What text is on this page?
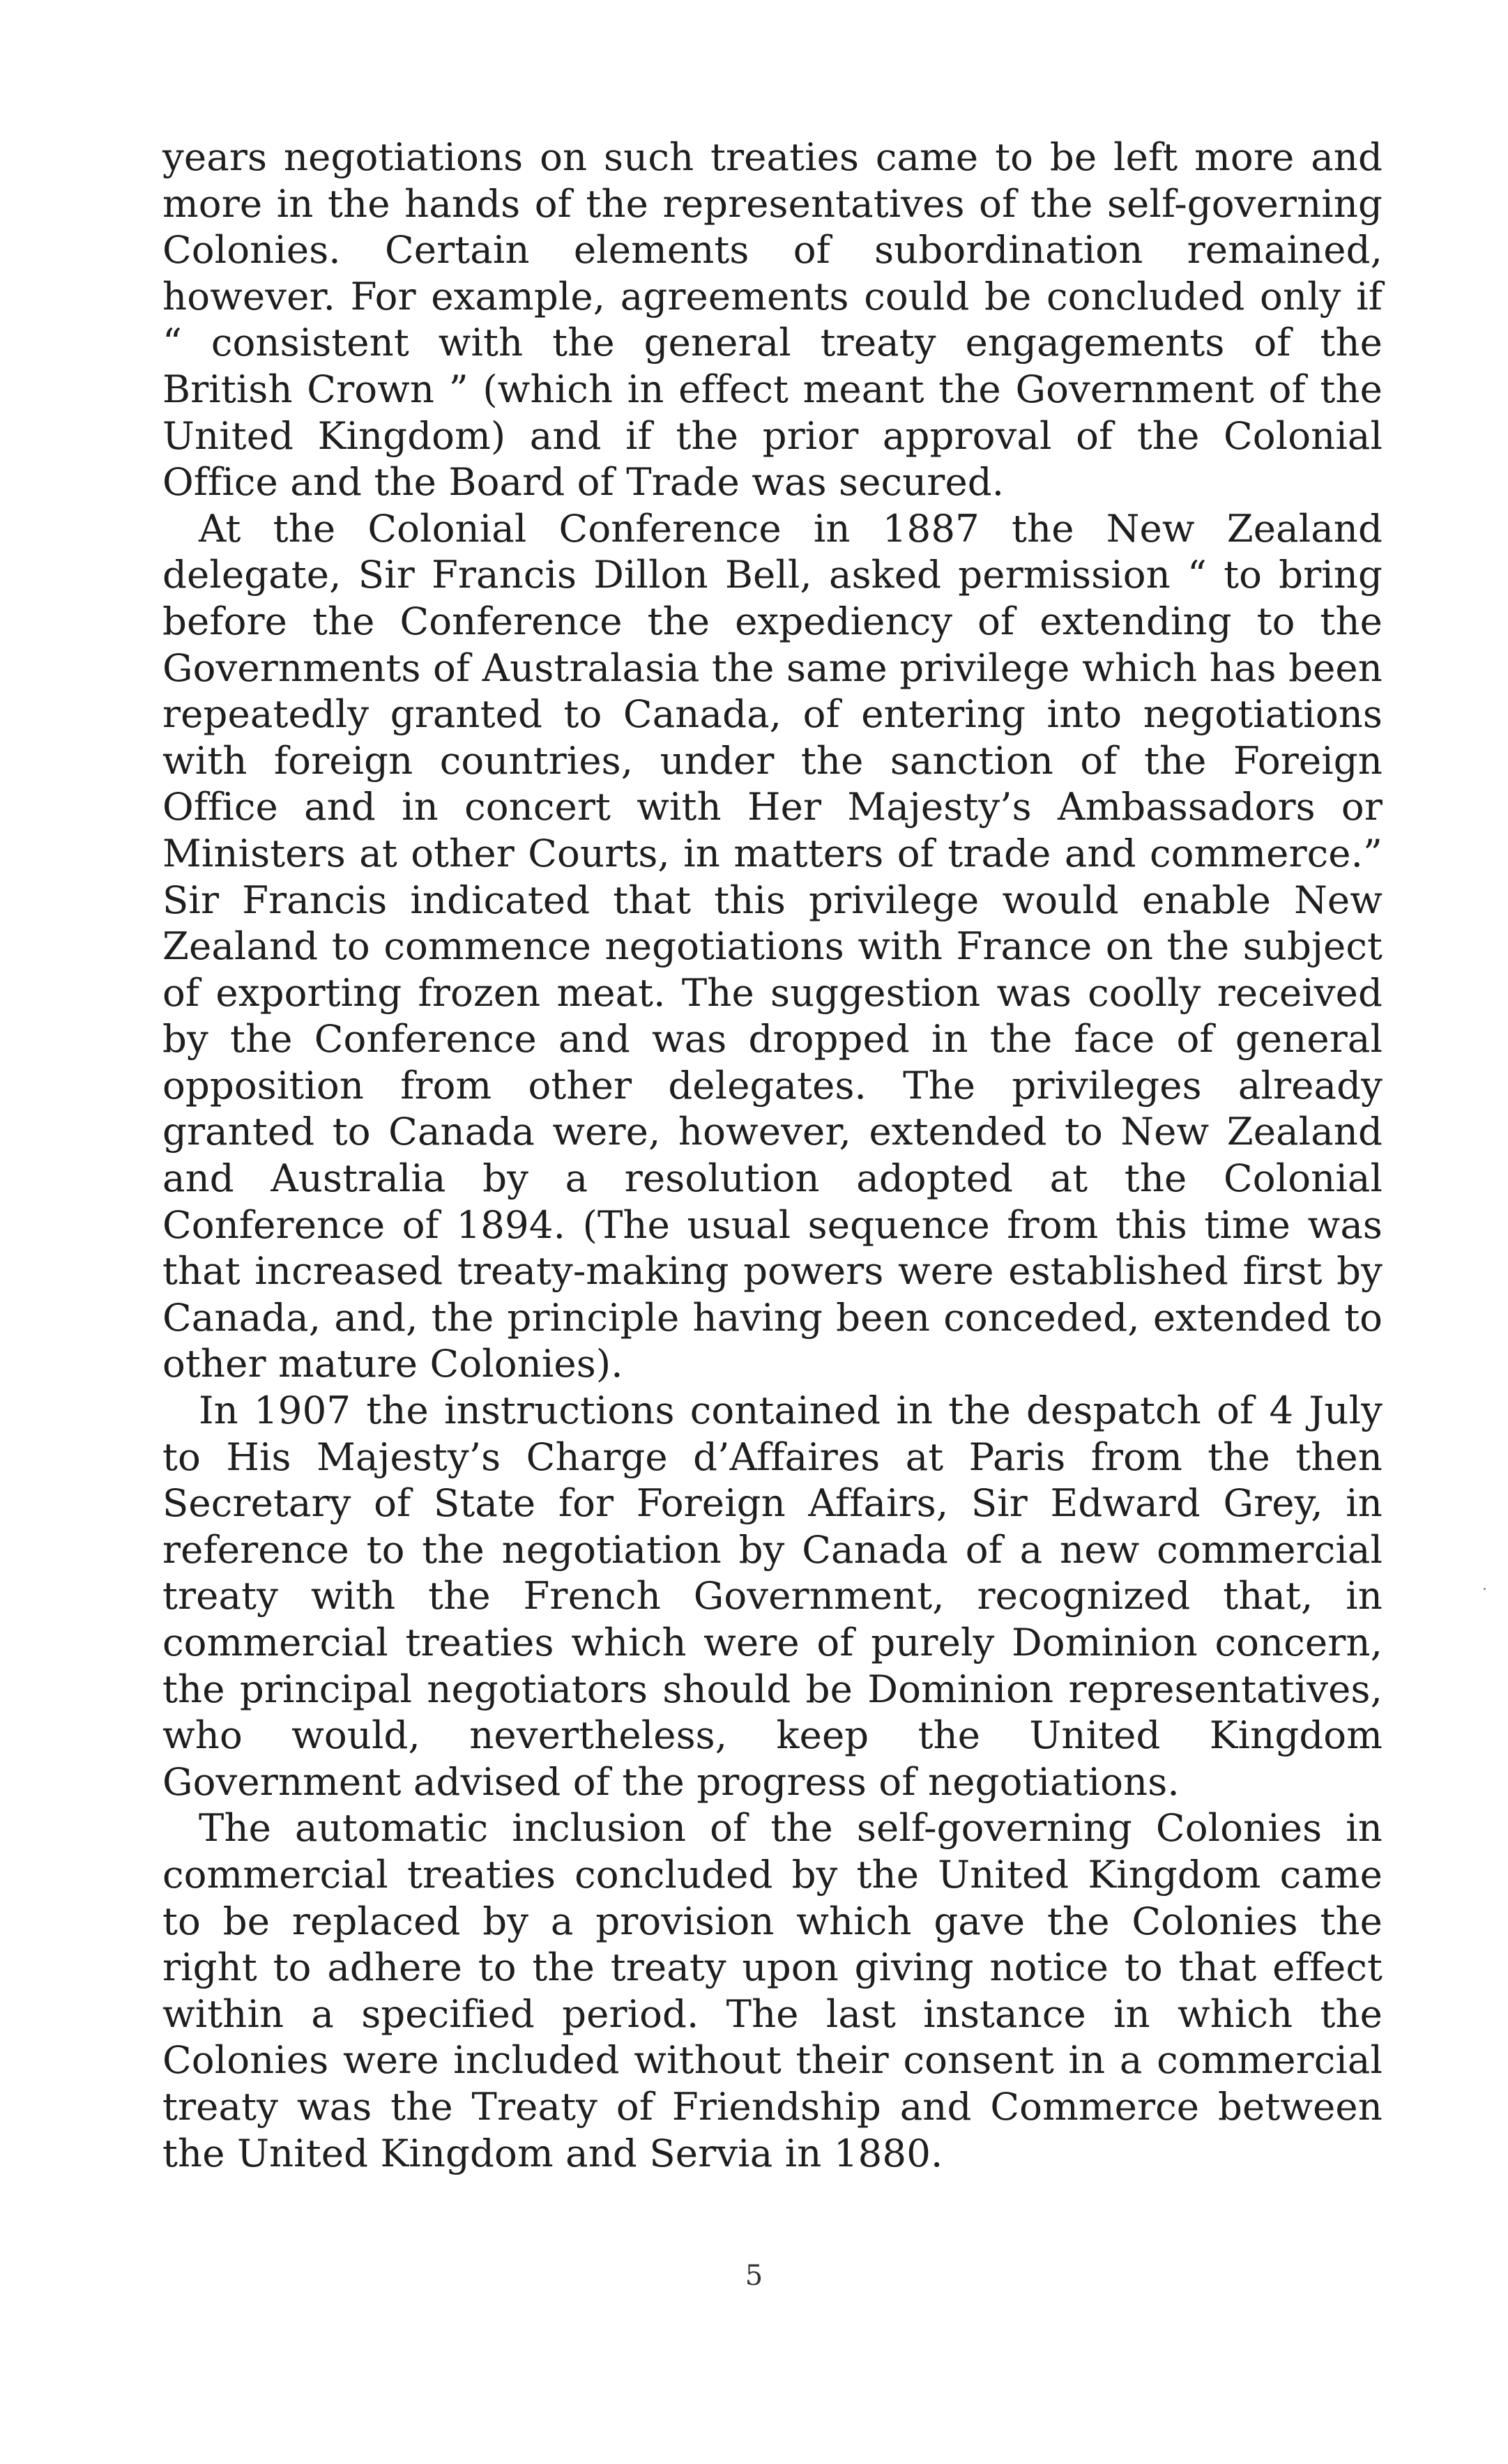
years negotiations on such treaties came to be left more and more in the hands of the representatives of the self-governing Colonies. Certain elements of subordination remained, however. For example, agreements could be concluded only if “ consistent with the general treaty engagements of the British Crown ” (which in effect meant the Government of the United Kingdom) and if the prior approval of the Colonial Office and the Board of Trade was secured.

At the Colonial Conference in 1887 the New Zealand delegate, Sir Francis Dillon Bell, asked permission “ to bring before the Conference the expediency of extending to the Governments of Australasia the same privilege which has been repeatedly granted to Canada, of entering into negotiations with foreign countries, under the sanction of the Foreign Office and in concert with Her Majesty’s Ambassadors or Ministers at other Courts, in matters of trade and commerce.” Sir Francis indicated that this privilege would enable New Zealand to commence negotiations with France on the subject of exporting frozen meat. The suggestion was coolly received by the Conference and was dropped in the face of general opposition from other delegates. The privileges already granted to Canada were, however, extended to New Zealand and Australia by a resolution adopted at the Colonial Conference of 1894. (The usual sequence from this time was that increased treaty-making powers were established first by Canada, and, the principle having been conceded, extended to other mature Colonies).

In 1907 the instructions contained in the despatch of 4 July to His Majesty’s Charge d’Affaires at Paris from the then Secretary of State for Foreign Affairs, Sir Edward Grey, in reference to the negotiation by Canada of a new commercial treaty with the French Government, recognized that, in commercial treaties which were of purely Dominion concern, the principal negotiators should be Dominion representatives, who would, nevertheless, keep the United Kingdom Government advised of the progress of negotiations.

The automatic inclusion of the self-governing Colonies in commercial treaties concluded by the United Kingdom came to be replaced by a provision which gave the Colonies the right to adhere to the treaty upon giving notice to that effect within a specified period. The last instance in which the Colonies were included without their consent in a commercial treaty was the Treaty of Friendship and Commerce between the United Kingdom and Servia in 1880.

5
